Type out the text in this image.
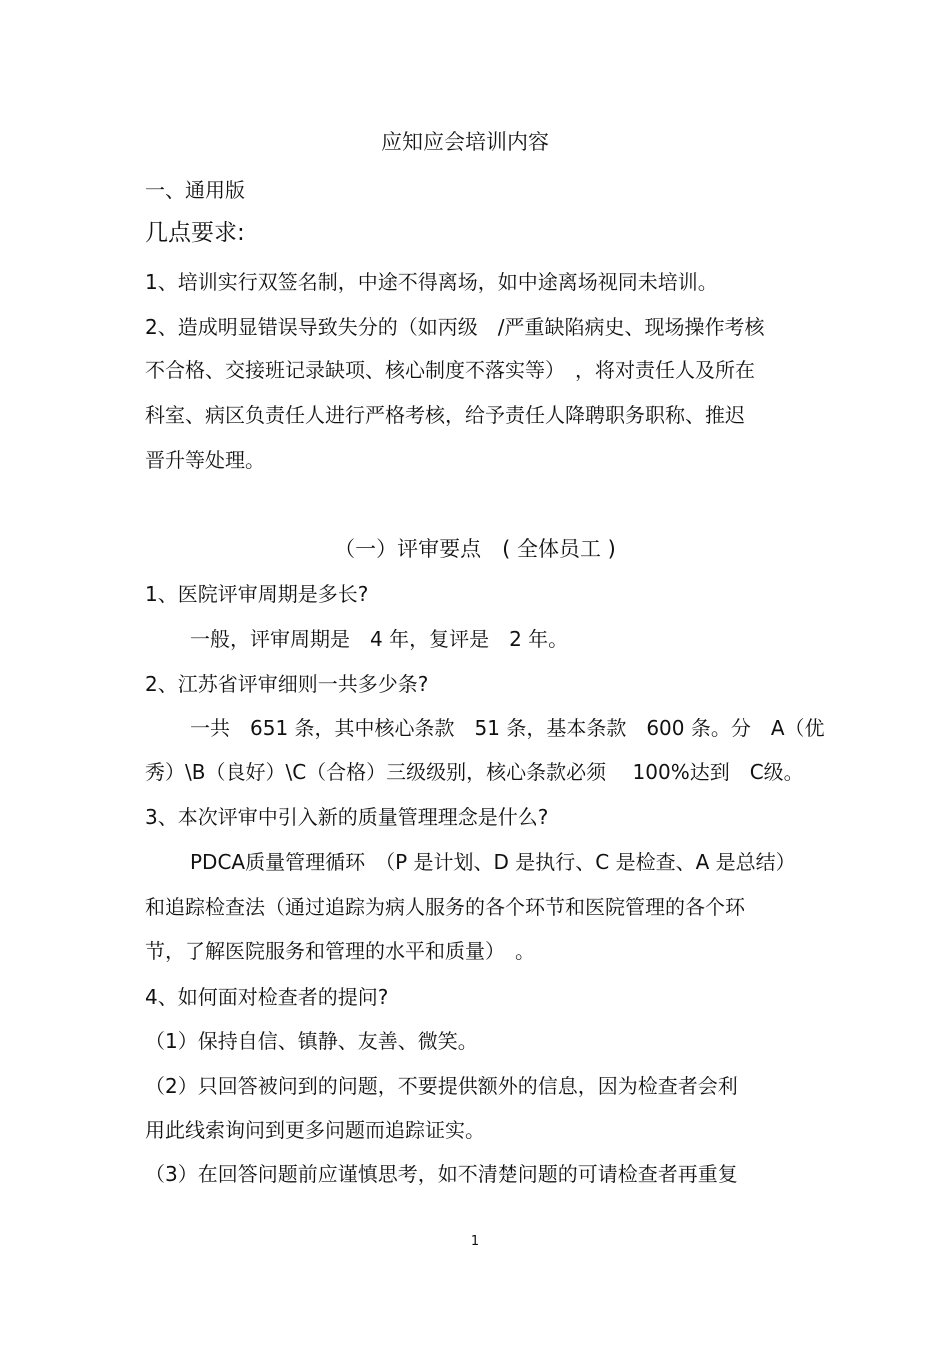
应知应会培训内容
一、通用版
几点要求:
1、培训实行双签名制，中途不得离场，如中途离场视同未培训。
2、造成明显错误导致失分的（如丙级　/严重缺陷病史、现场操作考核
不合格、交接班记录缺项、核心制度不落实等）　，将对责任人及所在
科室、病区负责任人进行严格考核，给予责任人降聘职务职称、推迟
晋升等处理。
（一）评审要点　( 全体员工 )
1、医院评审周期是多长?
一般，评审周期是　4 年，复评是　2 年。
2、江苏省评审细则一共多少条?
一共　651 条，其中核心条款　51 条，基本条款　600 条。分　A（优
秀）\B（良好）\C（合格）三级级别，核心条款必须　 100%达到　C级。
3、本次评审中引入新的质量管理理念是什么?
PDCA质量管理循环　（P 是计划、D 是执行、C 是检查、A 是总结）
和追踪检查法（通过追踪为病人服务的各个环节和医院管理的各个环
节，了解医院服务和管理的水平和质量）　。
4、如何面对检查者的提问?
（1）保持自信、镇静、友善、微笑。
（2）只回答被问到的问题，不要提供额外的信息，因为检查者会利
用此线索询问到更多问题而追踪证实。
（3）在回答问题前应谨慎思考，如不清楚问题的可请检查者再重复
1
